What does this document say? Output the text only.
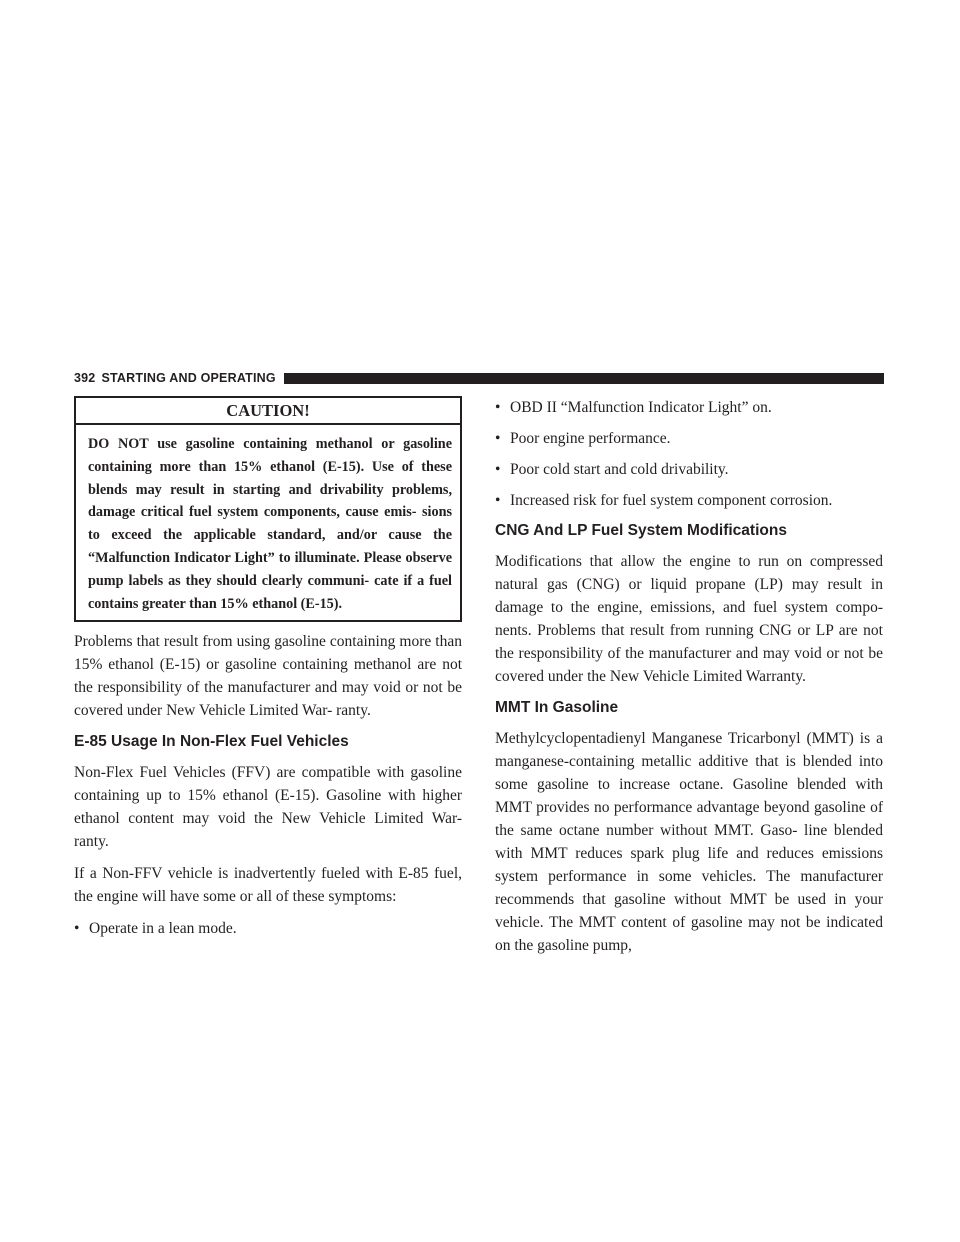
392 STARTING AND OPERATING
CAUTION!
DO NOT use gasoline containing methanol or gasoline containing more than 15% ethanol (E-15). Use of these blends may result in starting and drivability problems, damage critical fuel system components, cause emis- sions to exceed the applicable standard, and/or cause the “Malfunction Indicator Light” to illuminate. Please observe pump labels as they should clearly communi- cate if a fuel contains greater than 15% ethanol (E-15).

Problems that result from using gasoline containing more than 15% ethanol (E-15) or gasoline containing methanol are not the responsibility of the manufacturer and may void or not be covered under New Vehicle Limited War- ranty.

E-85 Usage In Non-Flex Fuel Vehicles

Non-Flex Fuel Vehicles (FFV) are compatible with gasoline containing up to 15% ethanol (E-15). Gasoline with higher ethanol content may void the New Vehicle Limited War- ranty.

If a Non-FFV vehicle is inadvertently fueled with E-85 fuel, the engine will have some or all of these symptoms:

• Operate in a lean mode.
• OBD II “Malfunction Indicator Light” on.
• Poor engine performance.
• Poor cold start and cold drivability.
• Increased risk for fuel system component corrosion.
CNG And LP Fuel System Modifications

Modifications that allow the engine to run on compressed natural gas (CNG) or liquid propane (LP) may result in damage to the engine, emissions, and fuel system compo- nents. Problems that result from running CNG or LP are not the responsibility of the manufacturer and may void or not be covered under the New Vehicle Limited Warranty.

MMT In Gasoline

Methylcyclopentadienyl Manganese Tricarbonyl (MMT) is a manganese-containing metallic additive that is blended into some gasoline to increase octane. Gasoline blended with MMT provides no performance advantage beyond gasoline of the same octane number without MMT. Gaso- line blended with MMT reduces spark plug life and reduces emissions system performance in some vehicles. The manufacturer recommends that gasoline without MMT be used in your vehicle. The MMT content of gasoline may not be indicated on the gasoline pump,
